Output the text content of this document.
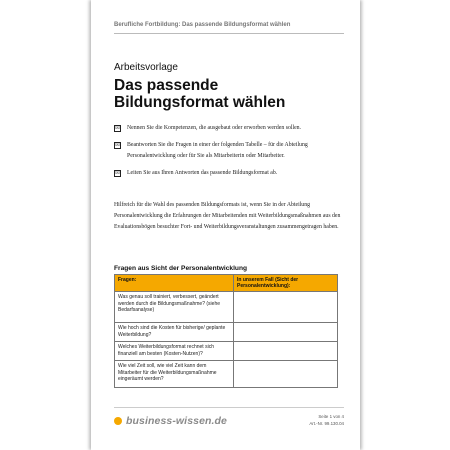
Berufliche Fortbildung: Das passende Bildungsformat wählen
Arbeitsvorlage
Das passende
Bildungsformat wählen
☒ Nennen Sie die Kompetenzen, die ausgebaut oder erworben werden sollen.
☒ Beantworten Sie die Fragen in einer der folgenden Tabelle – für die Abteilung Personalentwicklung oder für Sie als Mitarbeiterin oder Mitarbeiter.
☒ Leiten Sie aus Ihren Antworten das passende Bildungsformat ab.
Hilfreich für die Wahl des passenden Bildungsformats ist, wenn Sie in der Abteilung Personalentwicklung die Erfahrungen der Mitarbeitenden mit Weiterbildungsmaßnahmen aus den Evaluationsbögen besuchter Fort- und Weiterbildungsveranstaltungen zusammengetragen haben.
Fragen aus Sicht der Personalentwicklung
Fragen:	In unserem Fall (Sicht der Personalentwicklung):
Was genau soll trainiert, verbessert, geändert werden durch die Bildungsmaßnahme? (siehe Bedarfsanalyse)	
Wie hoch sind die Kosten für bisherige/ geplante Weiterbildung?	
Welches Weiterbildungsformat rechnet sich finanziell am besten (Kosten-Nutzen)?	
Wie viel Zeit soll, wie viel Zeit kann dem Mitarbeiter für die Weiterbildungsmaßnahme eingeräumt werden?	
business-wissen.de	Seite 1 von 4
Art.-Nr. 99.130.04
